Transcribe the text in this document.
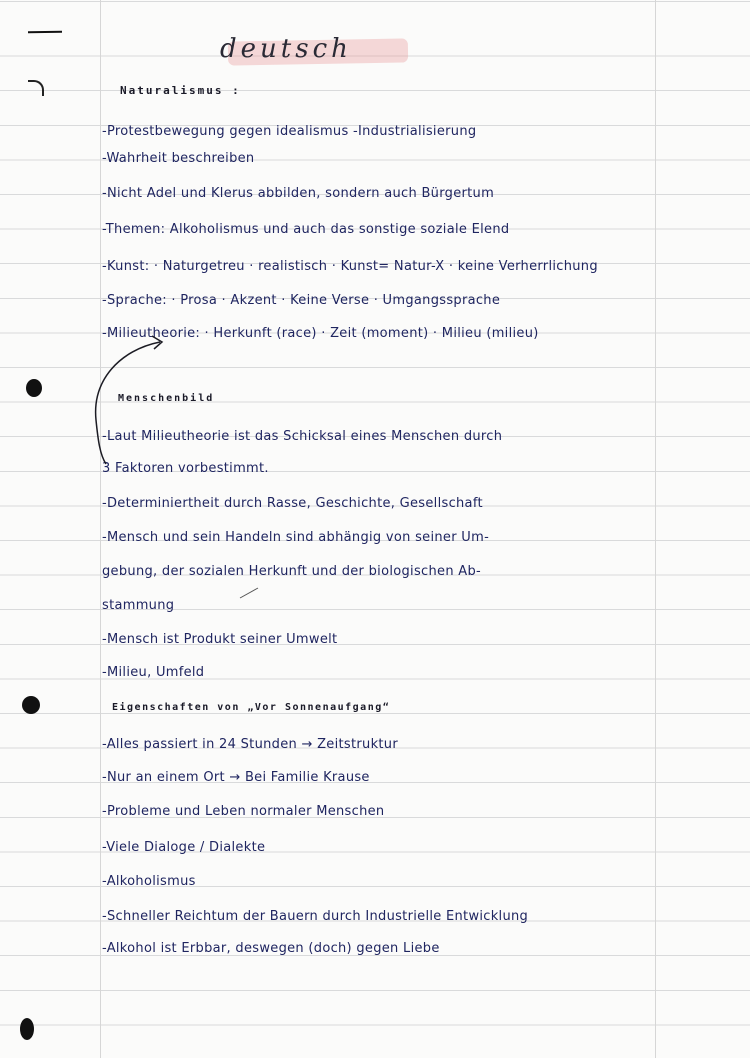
deutsch
Naturalismus :
-Protestbewegung gegen idealismus -Industrialisierung
-Wahrheit beschreiben
-Nicht Adel und Klerus abbilden, sondern auch Bürgertum
-Themen: Alkoholismus und auch das sonstige soziale Elend
-Kunst: · Naturgetreu · realistisch · Kunst= Natur-X · keine Verherrlichung
-Sprache: · Prosa · Akzent · Keine Verse · Umgangssprache
-Milieutheorie: · Herkunft (race) · Zeit (moment) · Milieu (milieu)
Menschenbild
-Laut Milieutheorie ist das Schicksal eines Menschen durch
3 Faktoren vorbestimmt.
-Determiniertheit durch Rasse, Geschichte, Gesellschaft
-Mensch und sein Handeln sind abhängig von seiner Um-
gebung, der sozialen Herkunft und der biologischen Ab-
stammung
-Mensch ist Produkt seiner Umwelt
-Milieu, Umfeld
Eigenschaften von „Vor Sonnenaufgang“
-Alles passiert in 24 Stunden → Zeitstruktur
-Nur an einem Ort → Bei Familie Krause
-Probleme und Leben normaler Menschen
-Viele Dialoge / Dialekte
-Alkoholismus
-Schneller Reichtum der Bauern durch Industrielle Entwicklung
-Alkohol ist Erbbar, deswegen (doch) gegen Liebe
